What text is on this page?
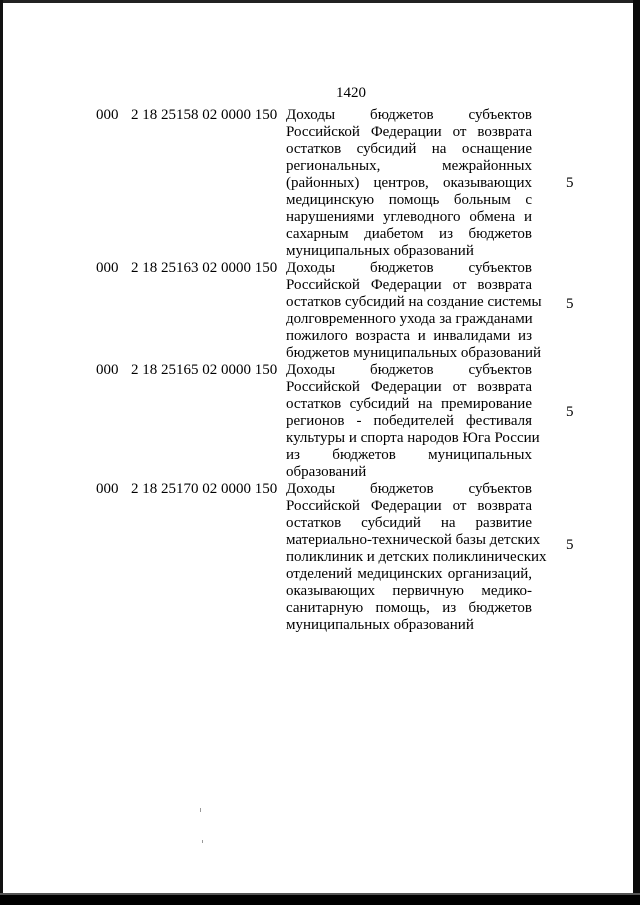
1420
000 2 18 25158 02 0000 150 Доходы бюджетов субъектов
Российской Федерации от возврата
остатков субсидий на оснащение
региональных, межрайонных
(районных) центров, оказывающих
медицинскую помощь больным с
нарушениями углеводного обмена и
сахарным диабетом из бюджетов
муниципальных образований
5
000 2 18 25163 02 0000 150 Доходы бюджетов субъектов
Российской Федерации от возврата
остатков субсидий на создание системы
долговременного ухода за гражданами
пожилого возраста и инвалидами из
бюджетов муниципальных образований
5
000 2 18 25165 02 0000 150 Доходы бюджетов субъектов
Российской Федерации от возврата
остатков субсидий на премирование
регионов - победителей фестиваля
культуры и спорта народов Юга России
из бюджетов муниципальных
образований
5
000 2 18 25170 02 0000 150 Доходы бюджетов субъектов
Российской Федерации от возврата
остатков субсидий на развитие
материально-технической базы детских
поликлиник и детских поликлинических
отделений медицинских организаций,
оказывающих первичную медико-
санитарную помощь, из бюджетов
муниципальных образований
5
